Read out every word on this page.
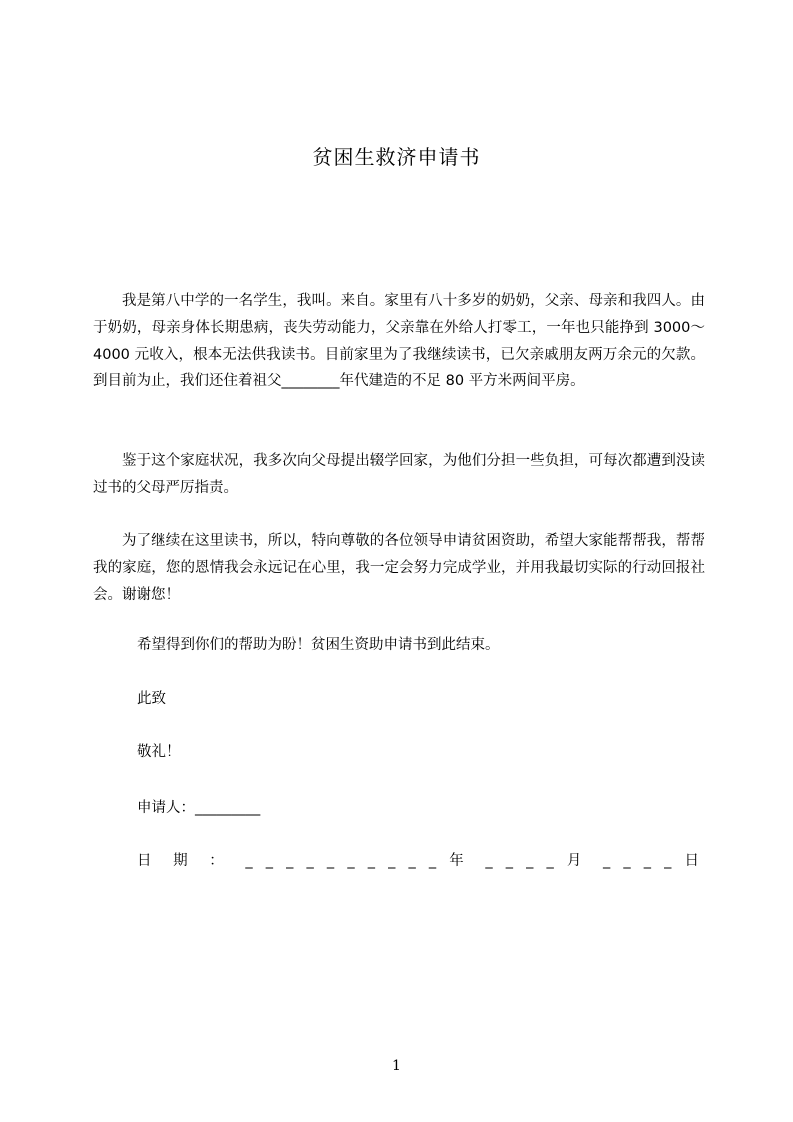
贫困生救济申请书

我是第八中学的一名学生，我叫。来自。家里有八十多岁的奶奶，父亲、母亲和我四人。由于奶奶，母亲身体长期患病，丧失劳动能力，父亲靠在外给人打零工，一年也只能挣到 3000～4000 元收入，根本无法供我读书。目前家里为了我继续读书，已欠亲戚朋友两万余元的欠款。到目前为止，我们还住着祖父________年代建造的不足 80 平方米两间平房。

鉴于这个家庭状况，我多次向父母提出辍学回家，为他们分担一些负担，可每次都遭到没读过书的父母严厉指责。

为了继续在这里读书，所以，特向尊敬的各位领导申请贫困资助，希望大家能帮帮我，帮帮我的家庭，您的恩情我会永远记在心里，我一定会努力完成学业，并用我最切实际的行动回报社会。谢谢您！

希望得到你们的帮助为盼！贫困生资助申请书到此结束。
此致
敬礼！
申请人：_________
日 期 ： _ _ _ _ _ _ _ _ _ _ 年 _ _ _ _ 月 _ _ _ _ 日
1
